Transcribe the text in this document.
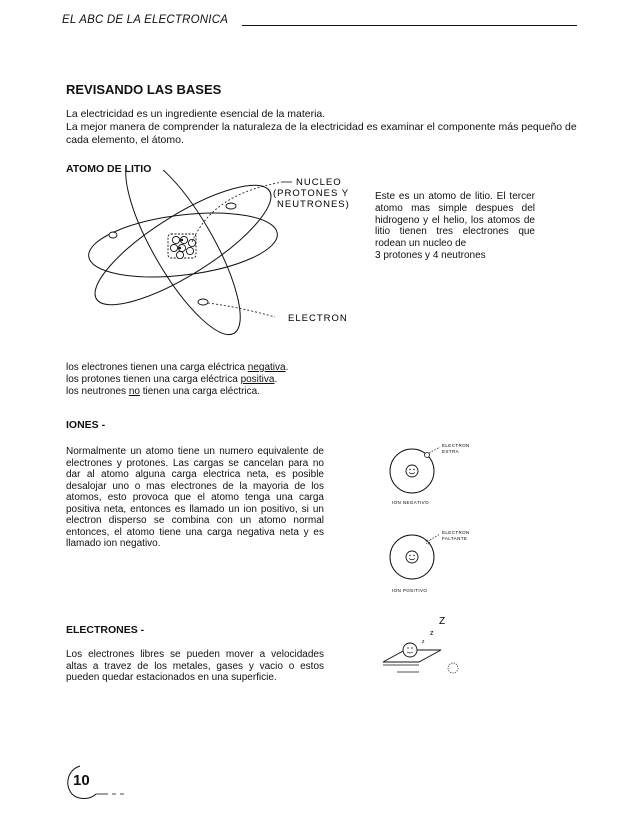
EL ABC DE LA ELECTRONICA
REVISANDO LAS BASES

La electricidad es un ingrediente esencial de la materia.

La mejor manera de comprender la naturaleza de la electricidad es examinar el componente más pequeño de cada elemento, el átomo.

ATOMO DE LITIO
NUCLEO
(PROTONES Y
NEUTRONES)
ELECTRON
Este es un atomo de litio. El tercer atomo mas simple despues del hidrogeno y el helio, los atomos de litio tienen tres electrones que rodean un nucleo de
3 protones y 4 neutrones

los electrones tienen una carga eléctrica negativa.

los protones tienen una carga eléctrica positiva.

los neutrones no tienen una carga eléctrica.

IONES -
Normalmente un atomo tiene un numero equivalente de electrones y protones. Las cargas se cancelan para no dar al atomo alguna carga electrica neta, es posible desalojar uno o mas electrones de la mayoria de los atomos, esto provoca que el atomo tenga una carga positiva neta, entonces es llamado un ion positivo, si un electron disperso se combina con un atomo normal entonces, el atomo tiene una carga negativa neta y es llamado ion negativo.
ELECTRON
EXTRA
ION NEGATIVO
ELECTRON
FALTANTE
ION POSITIVO
ELECTRONES -
Los electrones libres se pueden mover a velocidades altas a travez de los metales, gases y vacio o estos pueden quedar estacionados en una superficie.
Z
z
z
10
